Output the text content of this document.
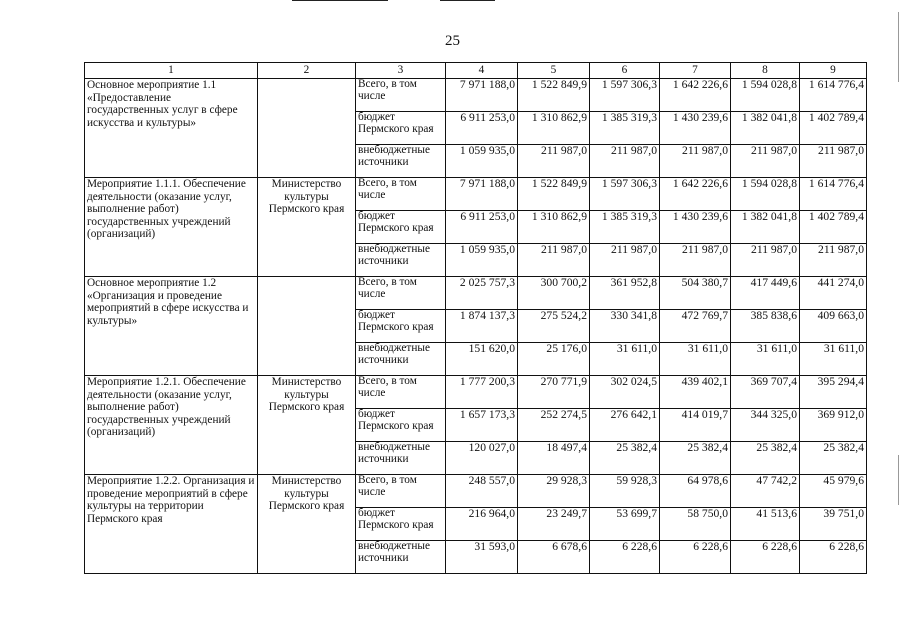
25
1	2	3	4	5	6	7	8	9
Основное мероприятие 1.1 «Предоставление государственных услуг в сфере искусства и культуры»		Всего, в том числе	7 971 188,0	1 522 849,9	1 597 306,3	1 642 226,6	1 594 028,8	1 614 776,4
		бюджет Пермского края	6 911 253,0	1 310 862,9	1 385 319,3	1 430 239,6	1 382 041,8	1 402 789,4
		внебюджетные источники	1 059 935,0	211 987,0	211 987,0	211 987,0	211 987,0	211 987,0
Мероприятие 1.1.1. Обеспечение деятельности (оказание услуг, выполнение работ) государственных учреждений (организаций)	Министерство культуры Пермского края	Всего, в том числе	7 971 188,0	1 522 849,9	1 597 306,3	1 642 226,6	1 594 028,8	1 614 776,4
		бюджет Пермского края	6 911 253,0	1 310 862,9	1 385 319,3	1 430 239,6	1 382 041,8	1 402 789,4
		внебюджетные источники	1 059 935,0	211 987,0	211 987,0	211 987,0	211 987,0	211 987,0
Основное мероприятие 1.2 «Организация и проведение мероприятий в сфере искусства и культуры»		Всего, в том числе	2 025 757,3	300 700,2	361 952,8	504 380,7	417 449,6	441 274,0
		бюджет Пермского края	1 874 137,3	275 524,2	330 341,8	472 769,7	385 838,6	409 663,0
		внебюджетные источники	151 620,0	25 176,0	31 611,0	31 611,0	31 611,0	31 611,0
Мероприятие 1.2.1. Обеспечение деятельности (оказание услуг, выполнение работ) государственных учреждений (организаций)	Министерство культуры Пермского края	Всего, в том числе	1 777 200,3	270 771,9	302 024,5	439 402,1	369 707,4	395 294,4
		бюджет Пермского края	1 657 173,3	252 274,5	276 642,1	414 019,7	344 325,0	369 912,0
		внебюджетные источники	120 027,0	18 497,4	25 382,4	25 382,4	25 382,4	25 382,4
Мероприятие 1.2.2. Организация и проведение мероприятий в сфере культуры на территории Пермского края	Министерство культуры Пермского края	Всего, в том числе	248 557,0	29 928,3	59 928,3	64 978,6	47 742,2	45 979,6
		бюджет Пермского края	216 964,0	23 249,7	53 699,7	58 750,0	41 513,6	39 751,0
		внебюджетные источники	31 593,0	6 678,6	6 228,6	6 228,6	6 228,6	6 228,6
